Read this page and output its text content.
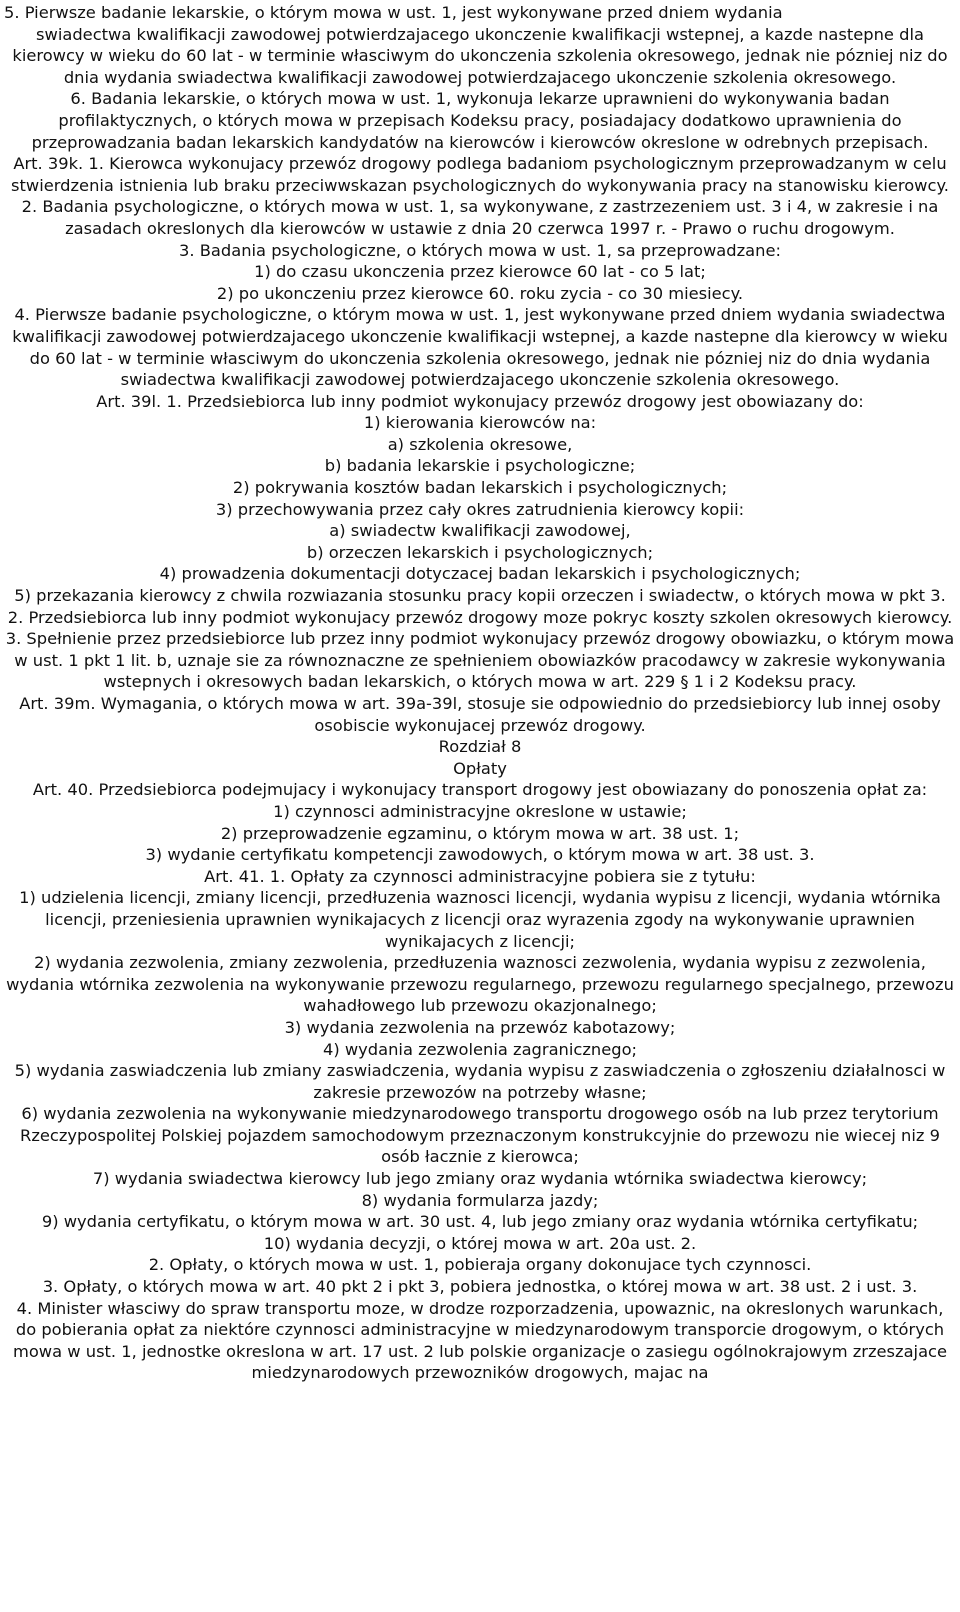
5. Pierwsze badanie lekarskie, o którym mowa w ust. 1, jest wykonywane przed dniem wydania

swiadectwa kwalifikacji zawodowej potwierdzajacego ukonczenie kwalifikacji wstepnej, a kazde nastepne dla kierowcy w wieku do 60 lat - w terminie własciwym do ukonczenia szkolenia okresowego, jednak nie pózniej niz do dnia wydania swiadectwa kwalifikacji zawodowej potwierdzajacego ukonczenie szkolenia okresowego.

6. Badania lekarskie, o których mowa w ust. 1, wykonuja lekarze uprawnieni do wykonywania badan profilaktycznych, o których mowa w przepisach Kodeksu pracy, posiadajacy dodatkowo uprawnienia do przeprowadzania badan lekarskich kandydatów na kierowców i kierowców okreslone w odrebnych przepisach.

Art. 39k. 1. Kierowca wykonujacy przewóz drogowy podlega badaniom psychologicznym przeprowadzanym w celu stwierdzenia istnienia lub braku przeciwwskazan psychologicznych do wykonywania pracy na stanowisku kierowcy.

2. Badania psychologiczne, o których mowa w ust. 1, sa wykonywane, z zastrzezeniem ust. 3 i 4, w zakresie i na zasadach okreslonych dla kierowców w ustawie z dnia 20 czerwca 1997 r. - Prawo o ruchu drogowym.

3. Badania psychologiczne, o których mowa w ust. 1, sa przeprowadzane:

1) do czasu ukonczenia przez kierowce 60 lat - co 5 lat;

2) po ukonczeniu przez kierowce 60. roku zycia - co 30 miesiecy.

4. Pierwsze badanie psychologiczne, o którym mowa w ust. 1, jest wykonywane przed dniem wydania swiadectwa kwalifikacji zawodowej potwierdzajacego ukonczenie kwalifikacji wstepnej, a kazde nastepne dla kierowcy w wieku do 60 lat - w terminie własciwym do ukonczenia szkolenia okresowego, jednak nie pózniej niz do dnia wydania swiadectwa kwalifikacji zawodowej potwierdzajacego ukonczenie szkolenia okresowego.

Art. 39l. 1. Przedsiebiorca lub inny podmiot wykonujacy przewóz drogowy jest obowiazany do:

1) kierowania kierowców na:

a) szkolenia okresowe,

b) badania lekarskie i psychologiczne;

2) pokrywania kosztów badan lekarskich i psychologicznych;

3) przechowywania przez cały okres zatrudnienia kierowcy kopii:

a) swiadectw kwalifikacji zawodowej,

b) orzeczen lekarskich i psychologicznych;

4) prowadzenia dokumentacji dotyczacej badan lekarskich i psychologicznych;

5) przekazania kierowcy z chwila rozwiazania stosunku pracy kopii orzeczen i swiadectw, o których mowa w pkt 3.

2. Przedsiebiorca lub inny podmiot wykonujacy przewóz drogowy moze pokryc koszty szkolen okresowych kierowcy.

3. Spełnienie przez przedsiebiorce lub przez inny podmiot wykonujacy przewóz drogowy obowiazku, o którym mowa w ust. 1 pkt 1 lit. b, uznaje sie za równoznaczne ze spełnieniem obowiazków pracodawcy w zakresie wykonywania wstepnych i okresowych badan lekarskich, o których mowa w art. 229 § 1 i 2 Kodeksu pracy.

Art. 39m. Wymagania, o których mowa w art. 39a-39l, stosuje sie odpowiednio do przedsiebiorcy lub innej osoby osobiscie wykonujacej przewóz drogowy.

Rozdział 8

Opłaty

Art. 40. Przedsiebiorca podejmujacy i wykonujacy transport drogowy jest obowiazany do ponoszenia opłat za:

1) czynnosci administracyjne okreslone w ustawie;

2) przeprowadzenie egzaminu, o którym mowa w art. 38 ust. 1;

3) wydanie certyfikatu kompetencji zawodowych, o którym mowa w art. 38 ust. 3.

Art. 41. 1. Opłaty za czynnosci administracyjne pobiera sie z tytułu:

1) udzielenia licencji, zmiany licencji, przedłuzenia waznosci licencji, wydania wypisu z licencji, wydania wtórnika licencji, przeniesienia uprawnien wynikajacych z licencji oraz wyrazenia zgody na wykonywanie uprawnien wynikajacych z licencji;

2) wydania zezwolenia, zmiany zezwolenia, przedłuzenia waznosci zezwolenia, wydania wypisu z zezwolenia, wydania wtórnika zezwolenia na wykonywanie przewozu regularnego, przewozu regularnego specjalnego, przewozu wahadłowego lub przewozu okazjonalnego;

3) wydania zezwolenia na przewóz kabotazowy;

4) wydania zezwolenia zagranicznego;

5) wydania zaswiadczenia lub zmiany zaswiadczenia, wydania wypisu z zaswiadczenia o zgłoszeniu działalnosci w zakresie przewozów na potrzeby własne;

6) wydania zezwolenia na wykonywanie miedzynarodowego transportu drogowego osób na lub przez terytorium Rzeczypospolitej Polskiej pojazdem samochodowym przeznaczonym konstrukcyjnie do przewozu nie wiecej niz 9 osób łacznie z kierowca;

7) wydania swiadectwa kierowcy lub jego zmiany oraz wydania wtórnika swiadectwa kierowcy;

8) wydania formularza jazdy;

9) wydania certyfikatu, o którym mowa w art. 30 ust. 4, lub jego zmiany oraz wydania wtórnika certyfikatu;

10) wydania decyzji, o której mowa w art. 20a ust. 2.

2. Opłaty, o których mowa w ust. 1, pobieraja organy dokonujace tych czynnosci.

3. Opłaty, o których mowa w art. 40 pkt 2 i pkt 3, pobiera jednostka, o której mowa w art. 38 ust. 2 i ust. 3.

4. Minister własciwy do spraw transportu moze, w drodze rozporzadzenia, upowaznic, na okreslonych warunkach, do pobierania opłat za niektóre czynnosci administracyjne w miedzynarodowym transporcie drogowym, o których mowa w ust. 1, jednostke okreslona w art. 17 ust. 2 lub polskie organizacje o zasiegu ogólnokrajowym zrzeszajace miedzynarodowych przewozników drogowych, majac na
